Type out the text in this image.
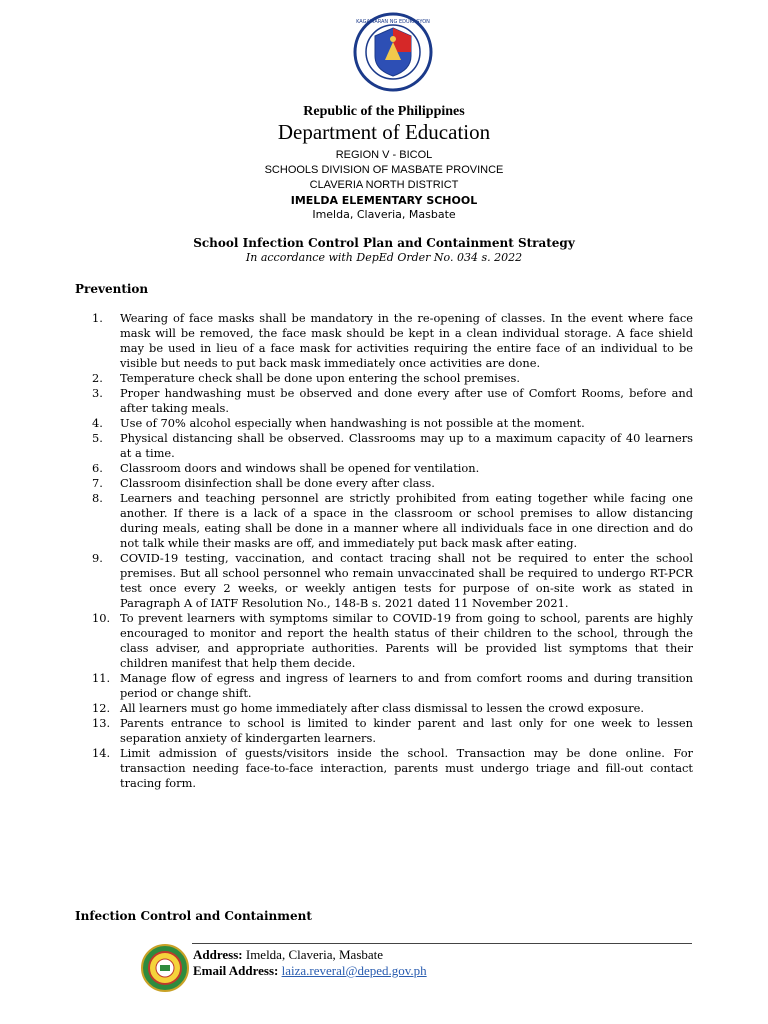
KAGAWARAN NG EDUKASYON
Republic of the Philippines
Department of Education
REGION V - BICOL
SCHOOLS DIVISION OF MASBATE PROVINCE
CLAVERIA NORTH DISTRICT
IMELDA ELEMENTARY SCHOOL
Imelda, Claveria, Masbate
School Infection Control Plan and Containment Strategy
In accordance with DepEd Order No. 034 s. 2022
Prevention
1.	Wearing of face masks shall be mandatory in the re-opening of classes. In the event where face mask will be removed, the face mask should be kept in a clean individual storage. A face shield may be used in lieu of a face mask for activities requiring the entire face of an individual to be visible but needs to put back mask immediately once activities are done.
2.	Temperature check shall be done upon entering the school premises.
3.	Proper handwashing must be observed and done every after use of Comfort Rooms, before and after taking meals.
4.	Use of 70% alcohol especially when handwashing is not possible at the moment.
5.	Physical distancing shall be observed. Classrooms may up to a maximum capacity of 40 learners at a time.
6.	Classroom doors and windows shall be opened for ventilation.
7.	Classroom disinfection shall be done every after class.
8.	Learners and teaching personnel are strictly prohibited from eating together while facing one another. If there is a lack of a space in the classroom or school premises to allow distancing during meals, eating shall be done in a manner where all individuals face in one direction and do not talk while their masks are off, and immediately put back mask after eating.
9.	COVID-19 testing, vaccination, and contact tracing shall not be required to enter the school premises. But all school personnel who remain unvaccinated shall be required to undergo RT-PCR test once every 2 weeks, or weekly antigen tests for purpose of on-site work as stated in Paragraph A of IATF Resolution No., 148-B s. 2021 dated 11 November 2021.
10. To prevent learners with symptoms similar to COVID-19 from going to school, parents are highly encouraged to monitor and report the health status of their children to the school, through the class adviser, and appropriate authorities. Parents will be provided list symptoms that their children manifest that help them decide.
11. Manage flow of egress and ingress of learners to and from comfort rooms and during transition period or change shift.
12. All learners must go home immediately after class dismissal to lessen the crowd exposure.
13. Parents entrance to school is limited to kinder parent and last only for one week to lessen separation anxiety of kindergarten learners.
14. Limit admission of guests/visitors inside the school. Transaction may be done online. For transaction needing face-to-face interaction, parents must undergo triage and fill-out contact tracing form.
Infection Control and Containment
Address: Imelda, Claveria, Masbate
Email Address: laiza.reveral@deped.gov.ph
